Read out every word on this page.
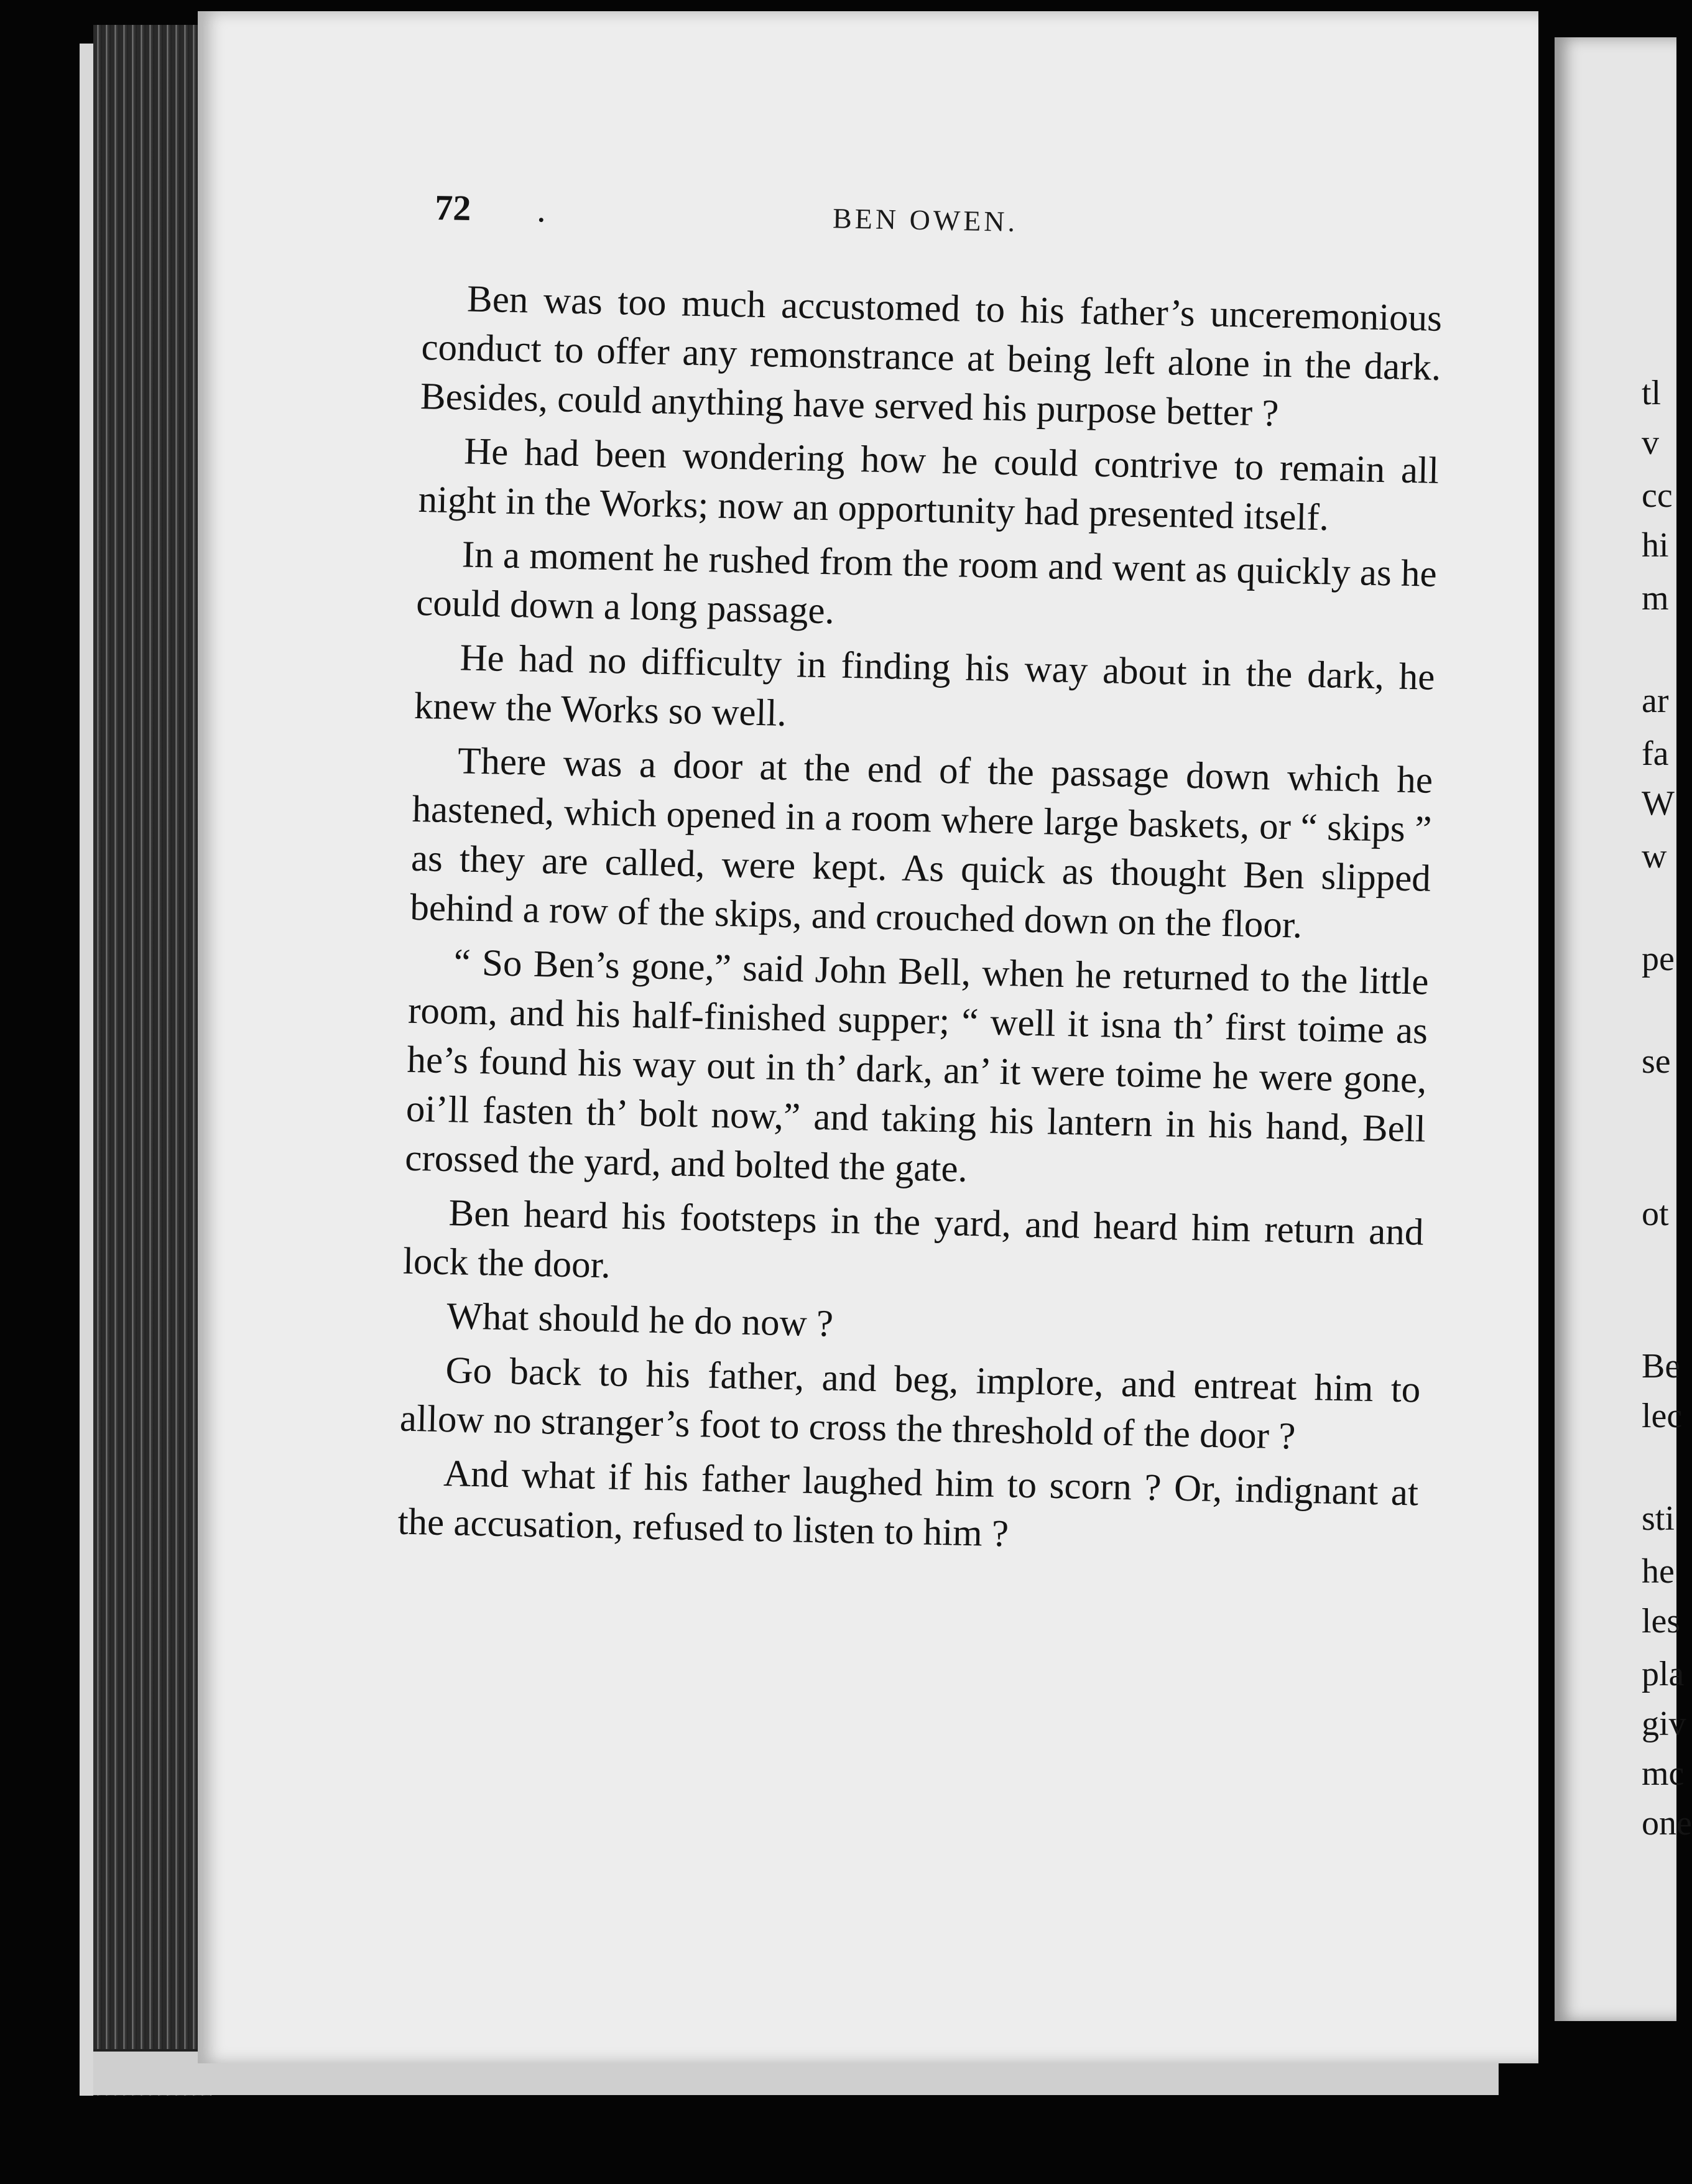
72 .	BEN OWEN.

Ben was too much accustomed to his father’s unceremonious conduct to offer any remonstrance at being left alone in the dark. Besides, could anything have served his purpose better ?

He had been wondering how he could contrive to remain all night in the Works; now an opportunity had presented itself.

In a moment he rushed from the room and went as quickly as he could down a long passage.

He had no difficulty in finding his way about in the dark, he knew the Works so well.

There was a door at the end of the passage down which he hastened, which opened in a room where large baskets, or “ skips ” as they are called, were kept. As quick as thought Ben slipped behind a row of the skips, and crouched down on the floor.

“ So Ben’s gone,” said John Bell, when he returned to the little room, and his half-finished supper; “ well it isna th’ first toime as he’s found his way out in th’ dark, an’ it were toime he were gone, oi’ll fasten th’ bolt now,” and taking his lantern in his hand, Bell crossed the yard, and bolted the gate.

Ben heard his footsteps in the yard, and heard him return and lock the door.

What should he do now ?

Go back to his father, and beg, implore, and entreat him to allow no stranger’s foot to cross the threshold of the door ?

And what if his father laughed him to scorn ? Or, indignant at the accusation, refused to listen to him ?

tl
v
cc
hi
m
ar
fa
W
w
pe
se
ot
Be
lec
sti
he
les
pla
giv
mc
one
